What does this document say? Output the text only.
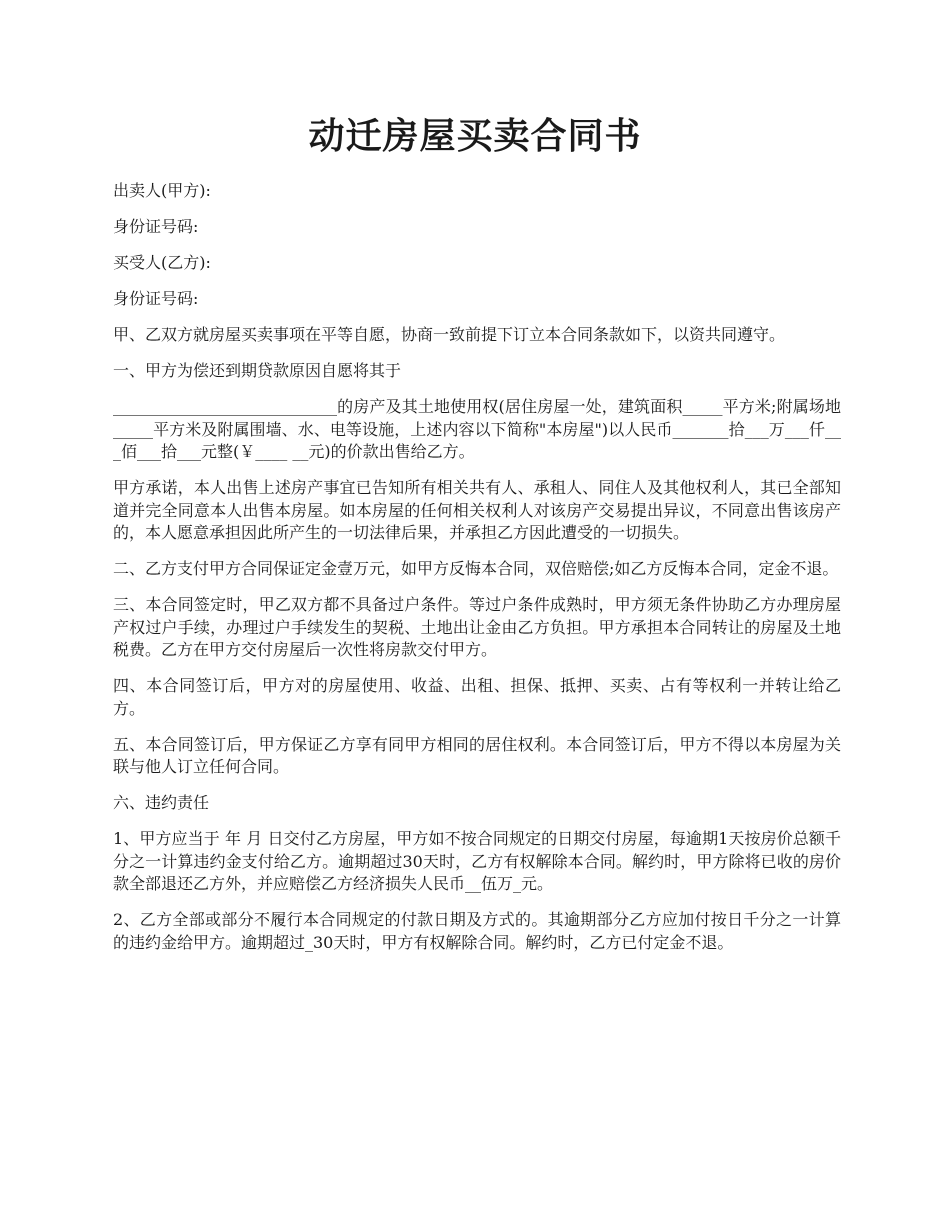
动迁房屋买卖合同书

出卖人(甲方):

身份证号码:

买受人(乙方):

身份证号码:

甲、乙双方就房屋买卖事项在平等自愿，协商一致前提下订立本合同条款如下，以资共同遵守。

一、甲方为偿还到期贷款原因自愿将其于

____________________________的房产及其土地使用权(居住房屋一处，建筑面积_____平方米;附属场地_____平方米及附属围墙、水、电等设施，上述内容以下简称"本房屋")以人民币_______拾___万___仟___佰___拾___元整(￥____ __元)的价款出售给乙方。

甲方承诺，本人出售上述房产事宜已告知所有相关共有人、承租人、同住人及其他权利人，其已全部知道并完全同意本人出售本房屋。如本房屋的任何相关权利人对该房产交易提出异议，不同意出售该房产的，本人愿意承担因此所产生的一切法律后果，并承担乙方因此遭受的一切损失。

二、乙方支付甲方合同保证定金壹万元，如甲方反悔本合同，双倍赔偿;如乙方反悔本合同，定金不退。

三、本合同签定时，甲乙双方都不具备过户条件。等过户条件成熟时，甲方须无条件协助乙方办理房屋产权过户手续，办理过户手续发生的契税、土地出让金由乙方负担。甲方承担本合同转让的房屋及土地税费。乙方在甲方交付房屋后一次性将房款交付甲方。

四、本合同签订后，甲方对的房屋使用、收益、出租、担保、抵押、买卖、占有等权利一并转让给乙方。

五、本合同签订后，甲方保证乙方享有同甲方相同的居住权利。本合同签订后，甲方不得以本房屋为关联与他人订立任何合同。

六、违约责任

1、甲方应当于 年 月 日交付乙方房屋，甲方如不按合同规定的日期交付房屋，每逾期1天按房价总额千分之一计算违约金支付给乙方。逾期超过30天时，乙方有权解除本合同。解约时，甲方除将已收的房价款全部退还乙方外，并应赔偿乙方经济损失人民币__伍万_元。

2、乙方全部或部分不履行本合同规定的付款日期及方式的。其逾期部分乙方应加付按日千分之一计算的违约金给甲方。逾期超过_30天时，甲方有权解除合同。解约时，乙方已付定金不退。
